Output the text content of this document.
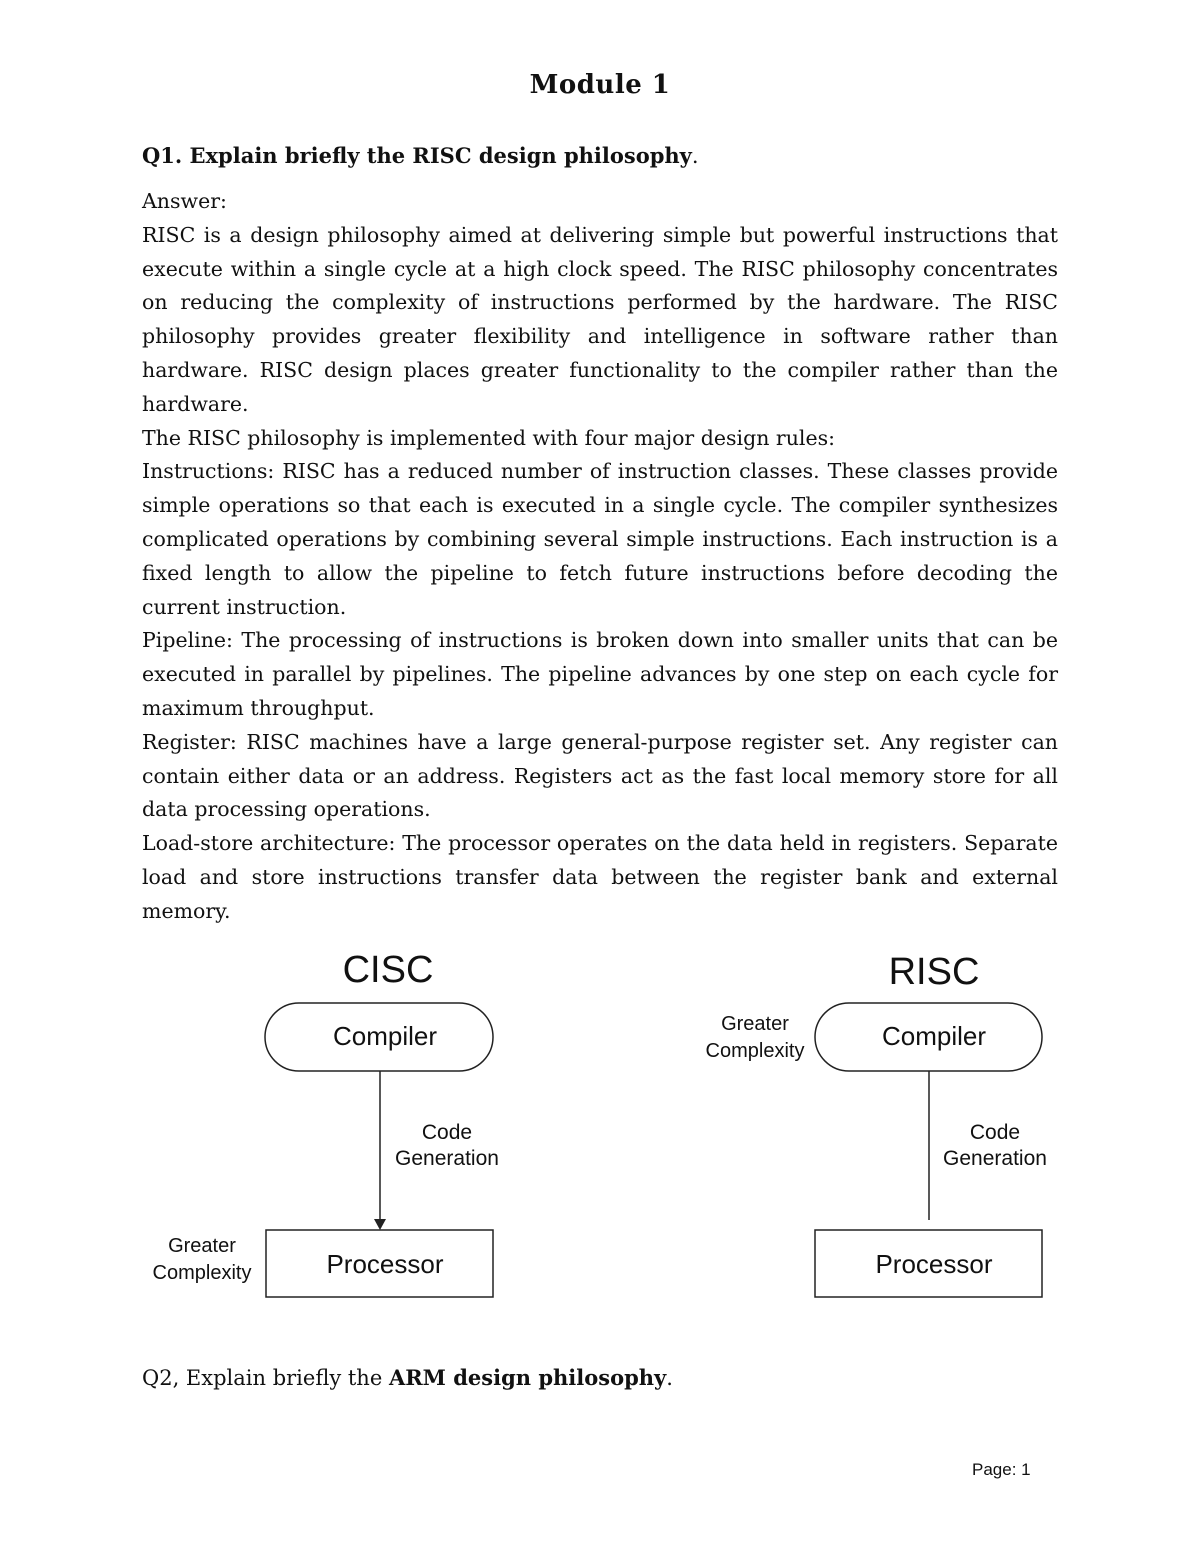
Module 1
Q1. Explain briefly the RISC design philosophy.

Answer:

RISC is a design philosophy aimed at delivering simple but powerful instructions that execute within a single cycle at a high clock speed. The RISC philosophy concentrates on reducing the complexity of instructions performed by the hardware. The RISC philosophy provides greater flexibility and intelligence in software rather than hardware. RISC design places greater functionality to the compiler rather than the hardware.

The RISC philosophy is implemented with four major design rules:

Instructions: RISC has a reduced number of instruction classes. These classes provide simple operations so that each is executed in a single cycle. The compiler synthesizes complicated operations by combining several simple instructions. Each instruction is a fixed length to allow the pipeline to fetch future instructions before decoding the current instruction.

Pipeline: The processing of instructions is broken down into smaller units that can be executed in parallel by pipelines. The pipeline advances by one step on each cycle for maximum throughput.

Register: RISC machines have a large general-purpose register set. Any register can contain either data or an address. Registers act as the fast local memory store for all data processing operations.

Load-store architecture: The processor operates on the data held in registers. Separate load and store instructions transfer data between the register bank and external memory.

CISC
Compiler
Code
Generation
Processor
Greater
Complexity
RISC
Compiler
Greater
Complexity
Code
Generation
Processor
Q2, Explain briefly the ARM design philosophy.
Page: 1
